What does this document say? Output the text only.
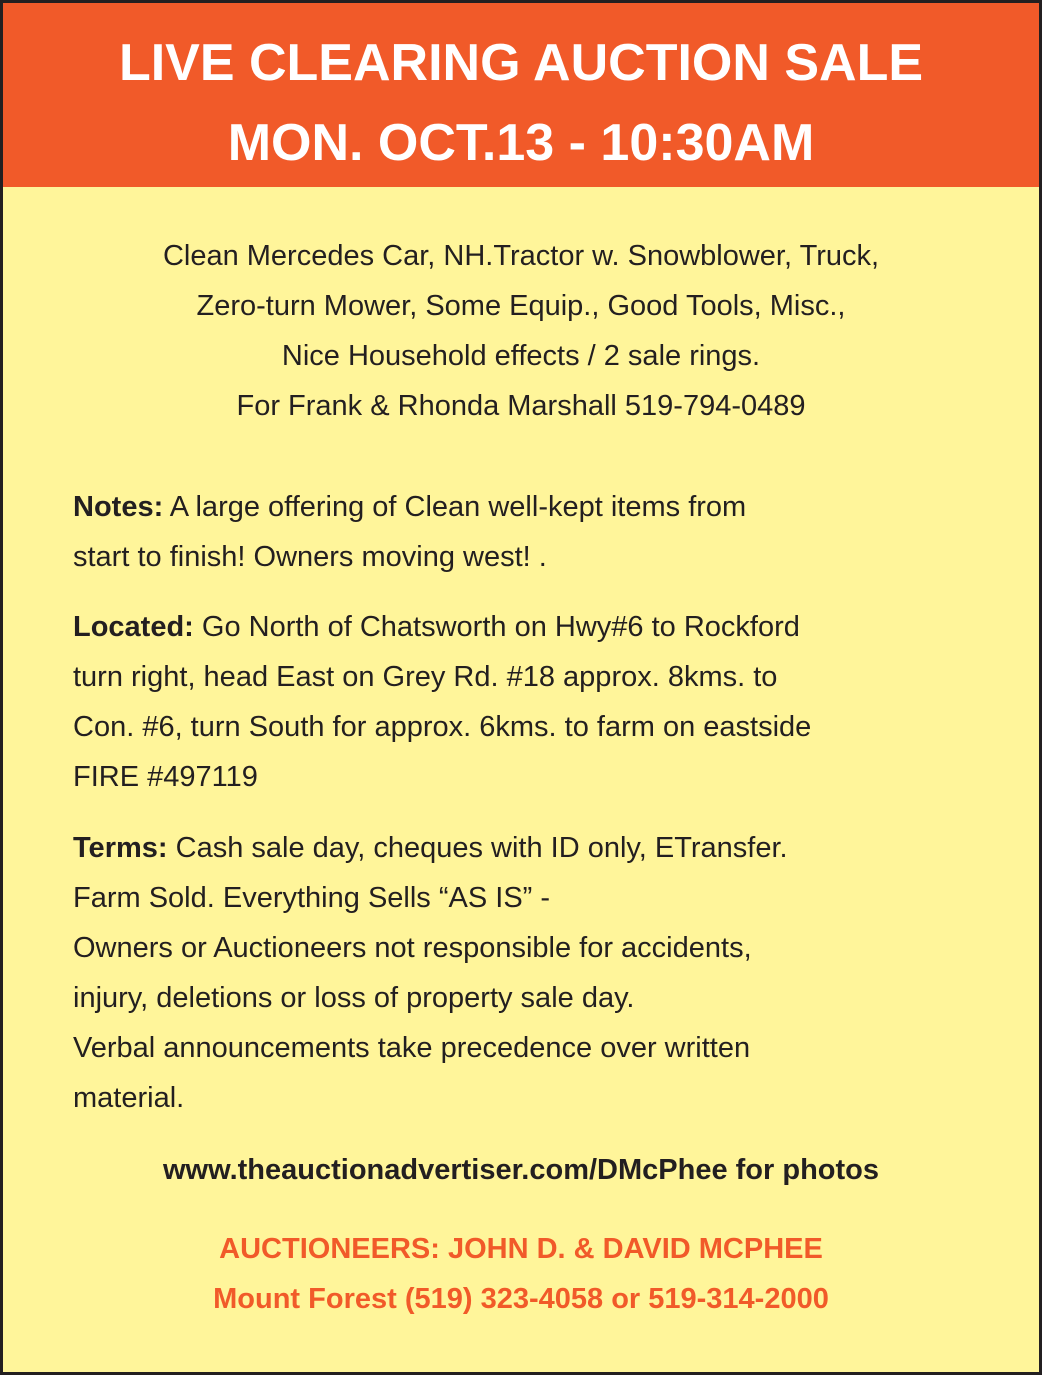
LIVE CLEARING AUCTION SALE
MON. OCT.13 - 10:30AM
Clean Mercedes Car, NH.Tractor w. Snowblower, Truck,
Zero-turn Mower, Some Equip., Good Tools, Misc.,
Nice Household effects / 2 sale rings.
For Frank & Rhonda Marshall 519-794-0489
Notes: A large offering of Clean well-kept items from
start to finish! Owners moving west! .
Located: Go North of Chatsworth on Hwy#6 to Rockford
turn right, head East on Grey Rd. #18 approx. 8kms. to
Con. #6, turn South for approx. 6kms. to farm on eastside
FIRE #497119
Terms: Cash sale day, cheques with ID only, ETransfer.
Farm Sold. Everything Sells “AS IS” -
Owners or Auctioneers not responsible for accidents,
injury, deletions or loss of property sale day.
Verbal announcements take precedence over written
material.
www.theauctionadvertiser.com/DMcPhee for photos
AUCTIONEERS: JOHN D. & DAVID MCPHEE
Mount Forest (519) 323-4058 or 519-314-2000
